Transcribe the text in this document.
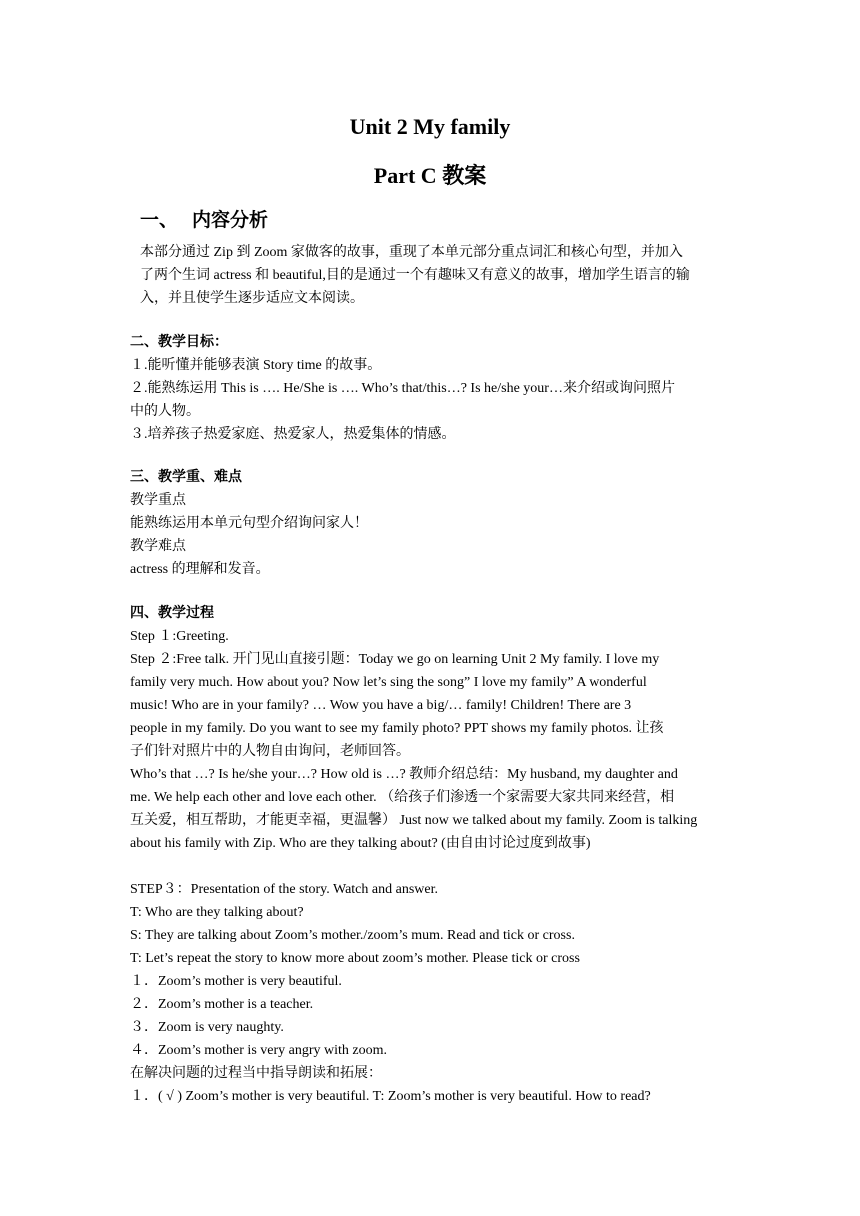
Unit 2 My family
Part C 教案
一、 内容分析

本部分通过 Zip 到 Zoom 家做客的故事，重现了本单元部分重点词汇和核心句型，并加入

了两个生词 actress 和 beautiful,目的是通过一个有趣味又有意义的故事，增加学生语言的输

入，并且使学生逐步适应文本阅读。

二、教学目标：

１.能听懂并能够表演 Story time 的故事。

２.能熟练运用 This is …. He/She is …. Who’s that/this…? Is he/she your…来介绍或询问照片

中的人物。

３.培养孩子热爱家庭、热爱家人，热爱集体的情感。

三、教学重、难点

教学重点

能熟练运用本单元句型介绍询问家人！

教学难点

actress 的理解和发音。

四、教学过程

Step １:Greeting.

Step ２:Free talk. 开门见山直接引题：Today we go on learning Unit 2 My family. I love my

family very much. How about you? Now let’s sing the song” I love my family” A wonderful

music! Who are in your family? … Wow you have a big/… family! Children! There are 3

people in my family. Do you want to see my family photo? PPT shows my family photos. 让孩

子们针对照片中的人物自由询问，老师回答。

Who’s that …? Is he/she your…? How old is …? 教师介绍总结：My husband, my daughter and

me. We help each other and love each other. （给孩子们渗透一个家需要大家共同来经营，相

互关爱，相互帮助，才能更幸福，更温馨） Just now we talked about my family. Zoom is talking

about his family with Zip. Who are they talking about? (由自由讨论过度到故事)

STEP３：Presentation of the story. Watch and answer.

T: Who are they talking about?

S: They are talking about Zoom’s mother./zoom’s mum. Read and tick or cross.

T: Let’s repeat the story to know more about zoom’s mother. Please tick or cross

１．Zoom’s mother is very beautiful.

２．Zoom’s mother is a teacher.

３．Zoom is very naughty.

４．Zoom’s mother is very angry with zoom.

在解决问题的过程当中指导朗读和拓展：

１．( √ ) Zoom’s mother is very beautiful. T: Zoom’s mother is very beautiful. How to read?
